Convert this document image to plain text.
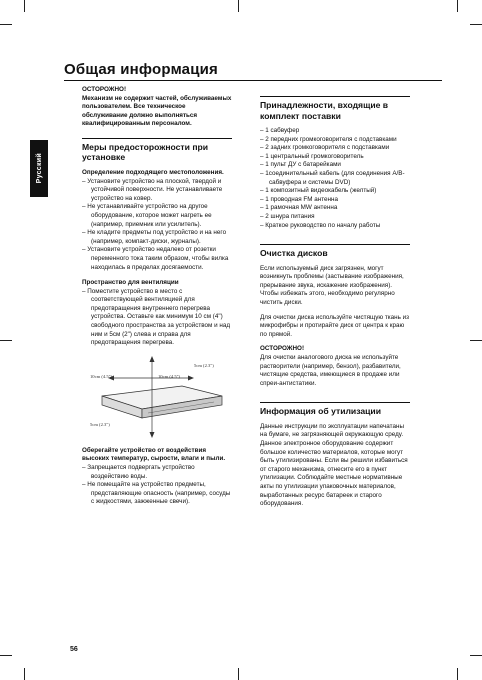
Общая информация
Русский
ОСТОРОЖНО!
Механизм не содержит частей, обслуживаемых пользователем. Все техническое обслуживание должно выполняться квалифицированным персоналом.
Меры предосторожности при установке

Определение подходящего местоположения.

– Установите устройство на плоской, твердой и устойчивой поверхности. Не устанавливаете устройство на ковер.
– Не устанавливайте устройство на другое оборудование, которое может нагреть ее (например, приемник или усилитель).
– Не кладите предметы под устройство и на него (например, компакт-диски, журналы).
– Установите устройство недалеко от розетки переменного тока таким образом, чтобы вилка находилась в пределах досягаемости.

Пространство для вентиляции

– Поместите устройство в место с соответствующей вентиляцией для предотвращения внутреннего перегрева устройства. Оставьте как минимум 10 см (4") свободного пространства за устройством и над ним и 5см (2") слева и справа для предотвращения перегрева.
5cm (2.3")
10cm (4.5")	10cm (4.5")
5cm (2.3")

Оберегайте устройство от воздействия высоких температур, сырости, влаги и пыли.

– Запрещается подвергать устройство воздействию воды.
– Не помещайте на устройство предметы, представляющие опасность (например, сосуды с жидкостями, зажженные свечи).
Принадлежности, входящие в комплект поставки
– 1 сабвуфер
– 2 передних громкоговорителя с подставками
– 2 задних громкоговорителя с подставками
– 1 центральный громкоговоритель
– 1 пульт ДУ с батарейками
– 1соединительный кабель (для соединения A/B-сабвуфера и системы DVD)
– 1 композитный видеокабель (желтый)
– 1 проводная FM антенна
– 1 рамочная MW антенна
– 2 шнура питания
– Краткое руководство по началу работы
Очистка дисков

Если используемый диск загрязнен, могут возникнуть проблемы (застывание изображения, прерывание звука, искажение изображения). Чтобы избежать этого, необходимо регулярно чистить диски.

Для очистки диска используйте чистящую ткань из микрофибры и протирайте диск от центра к краю по прямой.

ОСТОРОЖНО!

Для очистки аналогового диска не используйте растворители (например, бензол), разбавители, чистящие средства, имеющиеся в продаже или спреи-антистатики.

Информация об утилизации

Данные инструкции по эксплуатации напечатаны на бумаге, не загрязняющей окружающую среду. Данное электронное оборудование содержит большое количество материалов, которые могут быть утилизированы. Если вы решили избавиться от старого механизма, отнесите его в пункт утилизации. Соблюдайте местные нормативные акты по утилизации упаковочных материалов, выработанных ресурс батареек и старого оборудования.

56
